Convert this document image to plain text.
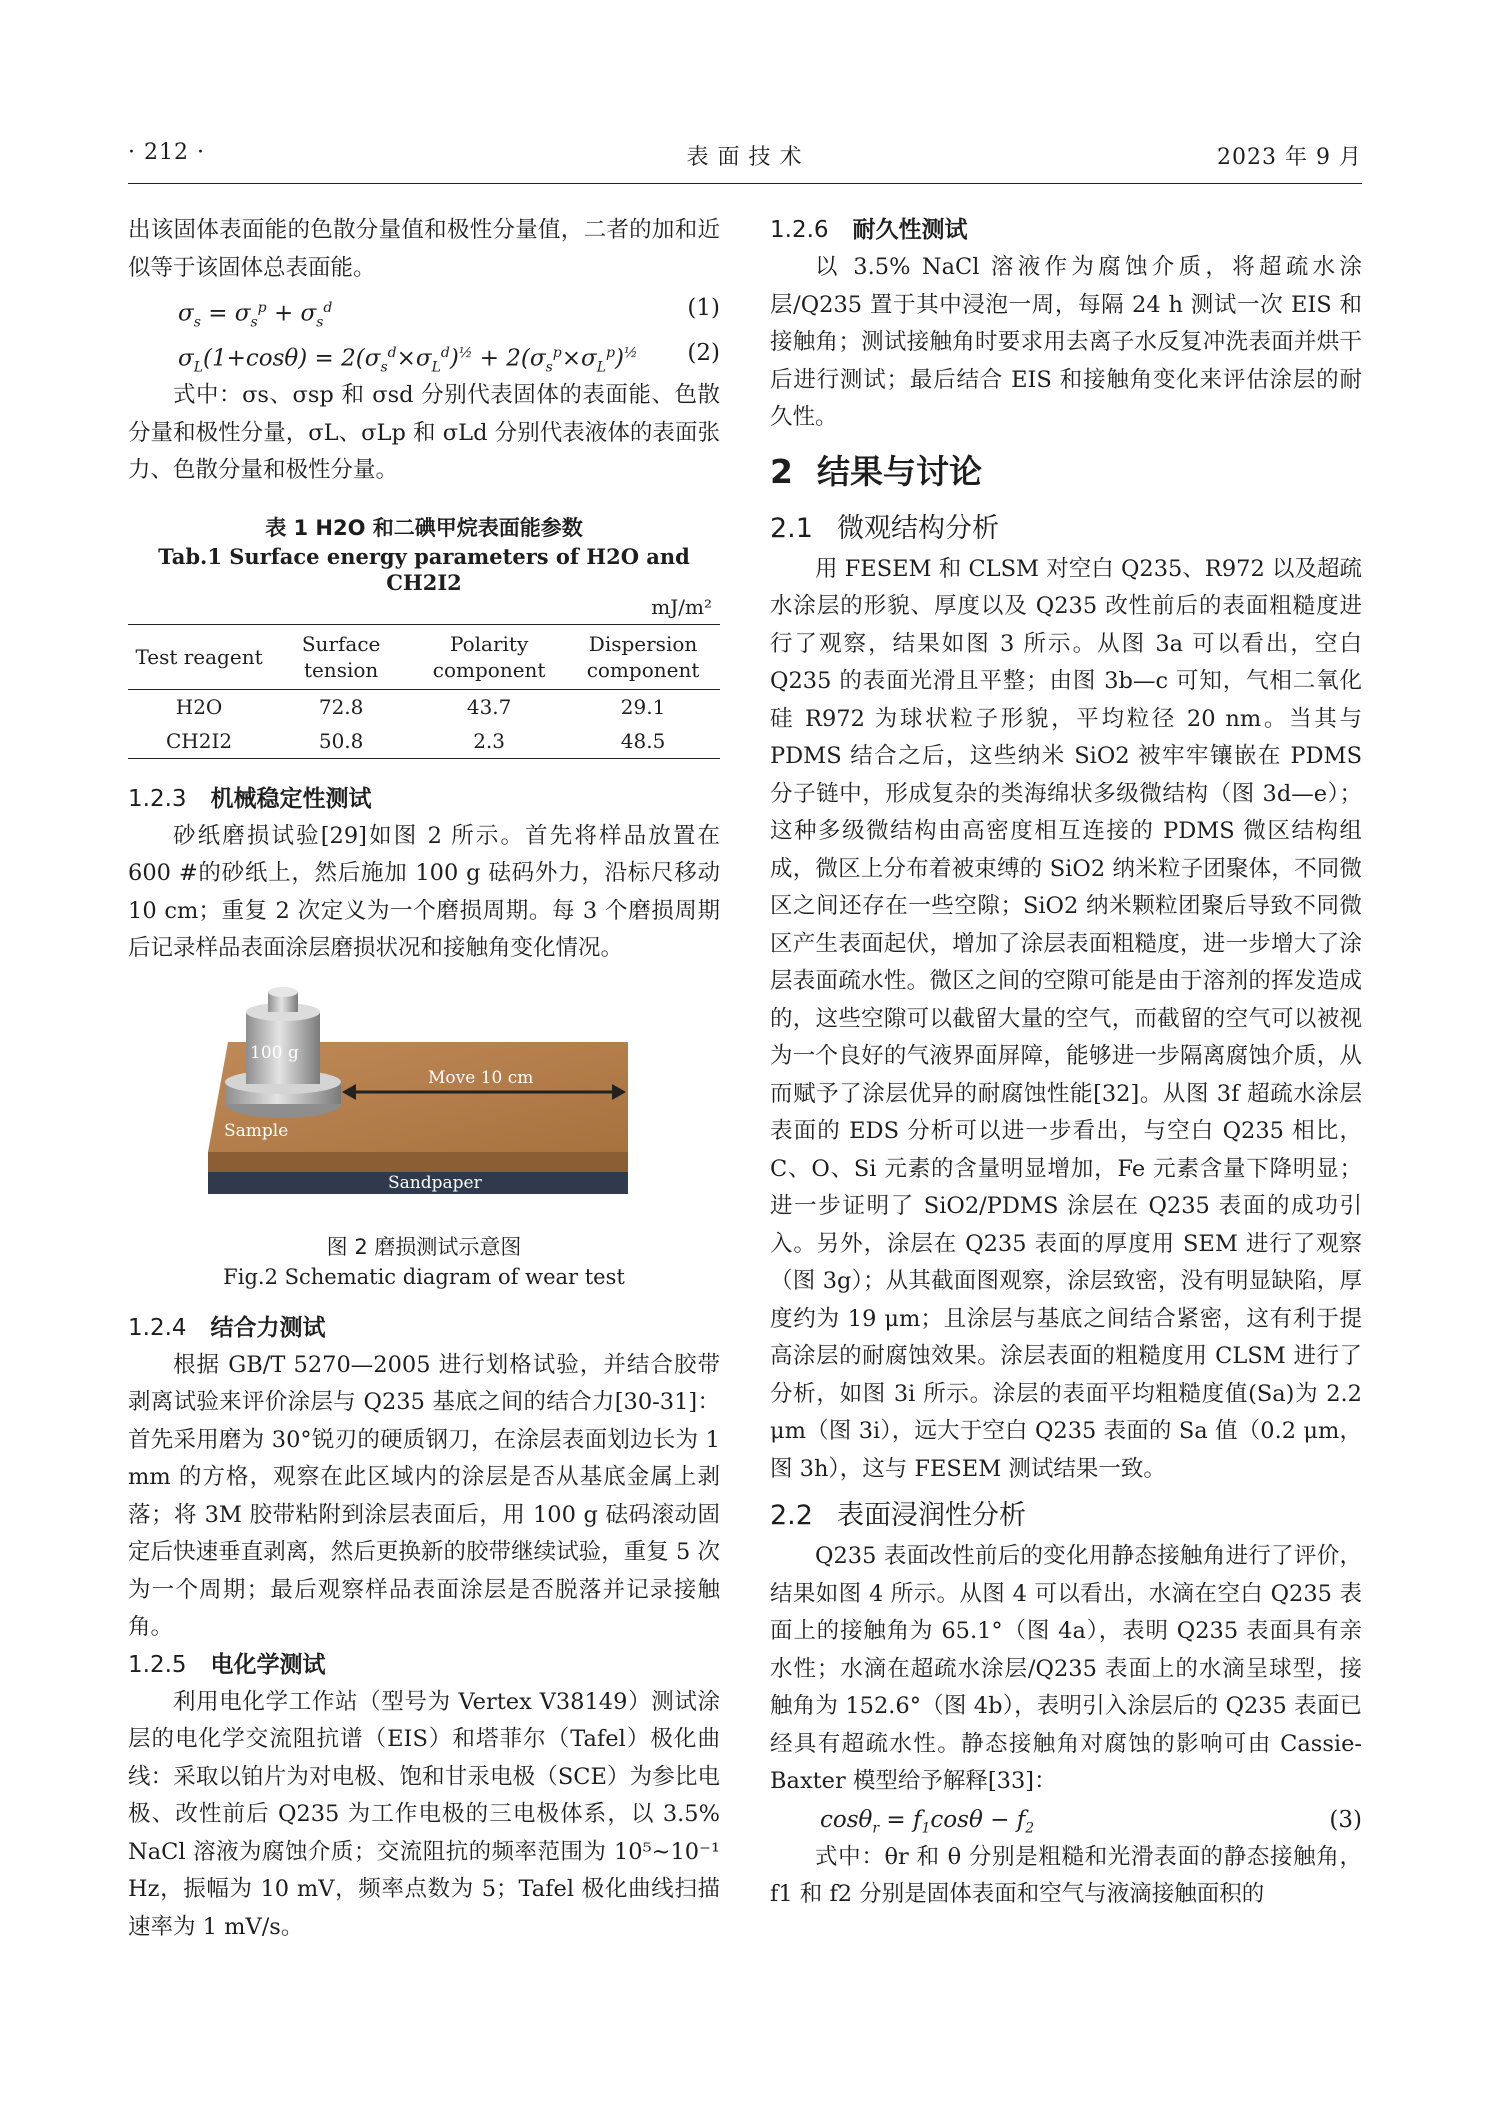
· 212 ·	表 面 技 术	2023 年 9 月

出该固体表面能的色散分量值和极性分量值，二者的加和近似等于该固体总表面能。

$\sigma_s = \sigma_s^p + \sigma_s^d$	(1)
$\sigma_L(1+\cos\theta) = 2(\sigma_s^d\times\sigma_L^d)^{\frac{1}{2}} + 2(\sigma_s^p\times\sigma_L^p)^{\frac{1}{2}}$ (2)

式中：σs、σsp 和 σsd 分别代表固体的表面能、色散分量和极性分量，σL、σLp 和 σLd 分别代表液体的表面张力、色散分量和极性分量。

表 1 H2O 和二碘甲烷表面能参数
Tab.1 Surface energy parameters of H2O and CH2I2
mJ/m²
Test reagent	Surface tension	Polarity component	Dispersion component
H2O	72.8	43.7	29.1
CH2I2	50.8	2.3	48.5
1.2.3 机械稳定性测试

砂纸磨损试验[29]如图 2 所示。首先将样品放置在 600 #的砂纸上，然后施加 100 g 砝码外力，沿标尺移动 10 cm；重复 2 次定义为一个磨损周期。每 3 个磨损周期后记录样品表面涂层磨损状况和接触角变化情况。

100 g
Move 10 cm
Sample
Sandpaper
图 2 磨损测试示意图
Fig.2 Schematic diagram of wear test
1.2.4 结合力测试

根据 GB/T 5270—2005 进行划格试验，并结合胶带剥离试验来评价涂层与 Q235 基底之间的结合力[30-31]：首先采用磨为 30°锐刃的硬质钢刀，在涂层表面划边长为 1 mm 的方格，观察在此区域内的涂层是否从基底金属上剥落；将 3M 胶带粘附到涂层表面后，用 100 g 砝码滚动固定后快速垂直剥离，然后更换新的胶带继续试验，重复 5 次为一个周期；最后观察样品表面涂层是否脱落并记录接触角。

1.2.5 电化学测试

利用电化学工作站（型号为 Vertex V38149）测试涂层的电化学交流阻抗谱（EIS）和塔菲尔（Tafel）极化曲线：采取以铂片为对电极、饱和甘汞电极（SCE）为参比电极、改性前后 Q235 为工作电极的三电极体系，以 3.5% NaCl 溶液为腐蚀介质；交流阻抗的频率范围为 10⁵~10⁻¹ Hz，振幅为 10 mV，频率点数为 5；Tafel 极化曲线扫描速率为 1 mV/s。

1.2.6 耐久性测试

以 3.5% NaCl 溶液作为腐蚀介质，将超疏水涂层/Q235 置于其中浸泡一周，每隔 24 h 测试一次 EIS 和接触角；测试接触角时要求用去离子水反复冲洗表面并烘干后进行测试；最后结合 EIS 和接触角变化来评估涂层的耐久性。

2 结果与讨论
2.1 微观结构分析

用 FESEM 和 CLSM 对空白 Q235、R972 以及超疏水涂层的形貌、厚度以及 Q235 改性前后的表面粗糙度进行了观察，结果如图 3 所示。从图 3a 可以看出，空白 Q235 的表面光滑且平整；由图 3b—c 可知，气相二氧化硅 R972 为球状粒子形貌，平均粒径 20 nm。当其与 PDMS 结合之后，这些纳米 SiO2 被牢牢镶嵌在 PDMS 分子链中，形成复杂的类海绵状多级微结构（图 3d—e）；这种多级微结构由高密度相互连接的 PDMS 微区结构组成，微区上分布着被束缚的 SiO2 纳米粒子团聚体，不同微区之间还存在一些空隙；SiO2 纳米颗粒团聚后导致不同微区产生表面起伏，增加了涂层表面粗糙度，进一步增大了涂层表面疏水性。微区之间的空隙可能是由于溶剂的挥发造成的，这些空隙可以截留大量的空气，而截留的空气可以被视为一个良好的气液界面屏障，能够进一步隔离腐蚀介质，从而赋予了涂层优异的耐腐蚀性能[32]。从图 3f 超疏水涂层表面的 EDS 分析可以进一步看出，与空白 Q235 相比，C、O、Si 元素的含量明显增加，Fe 元素含量下降明显；进一步证明了 SiO2/PDMS 涂层在 Q235 表面的成功引入。另外，涂层在 Q235 表面的厚度用 SEM 进行了观察（图 3g）；从其截面图观察，涂层致密，没有明显缺陷，厚度约为 19 μm；且涂层与基底之间结合紧密，这有利于提高涂层的耐腐蚀效果。涂层表面的粗糙度用 CLSM 进行了分析，如图 3i 所示。涂层的表面平均粗糙度值(Sa)为 2.2 μm（图 3i），远大于空白 Q235 表面的 Sa 值（0.2 μm，图 3h），这与 FESEM 测试结果一致。

2.2 表面浸润性分析

Q235 表面改性前后的变化用静态接触角进行了评价，结果如图 4 所示。从图 4 可以看出，水滴在空白 Q235 表面上的接触角为 65.1°（图 4a），表明 Q235 表面具有亲水性；水滴在超疏水涂层/Q235 表面上的水滴呈球型，接触角为 152.6°（图 4b），表明引入涂层后的 Q235 表面已经具有超疏水性。静态接触角对腐蚀的影响可由 Cassie-Baxter 模型给予解释[33]：

$\cos\theta_r = f_1\cos\theta - f_2$	(3)

式中：θr 和 θ 分别是粗糙和光滑表面的静态接触角，f1 和 f2 分别是固体表面和空气与液滴接触面积的
